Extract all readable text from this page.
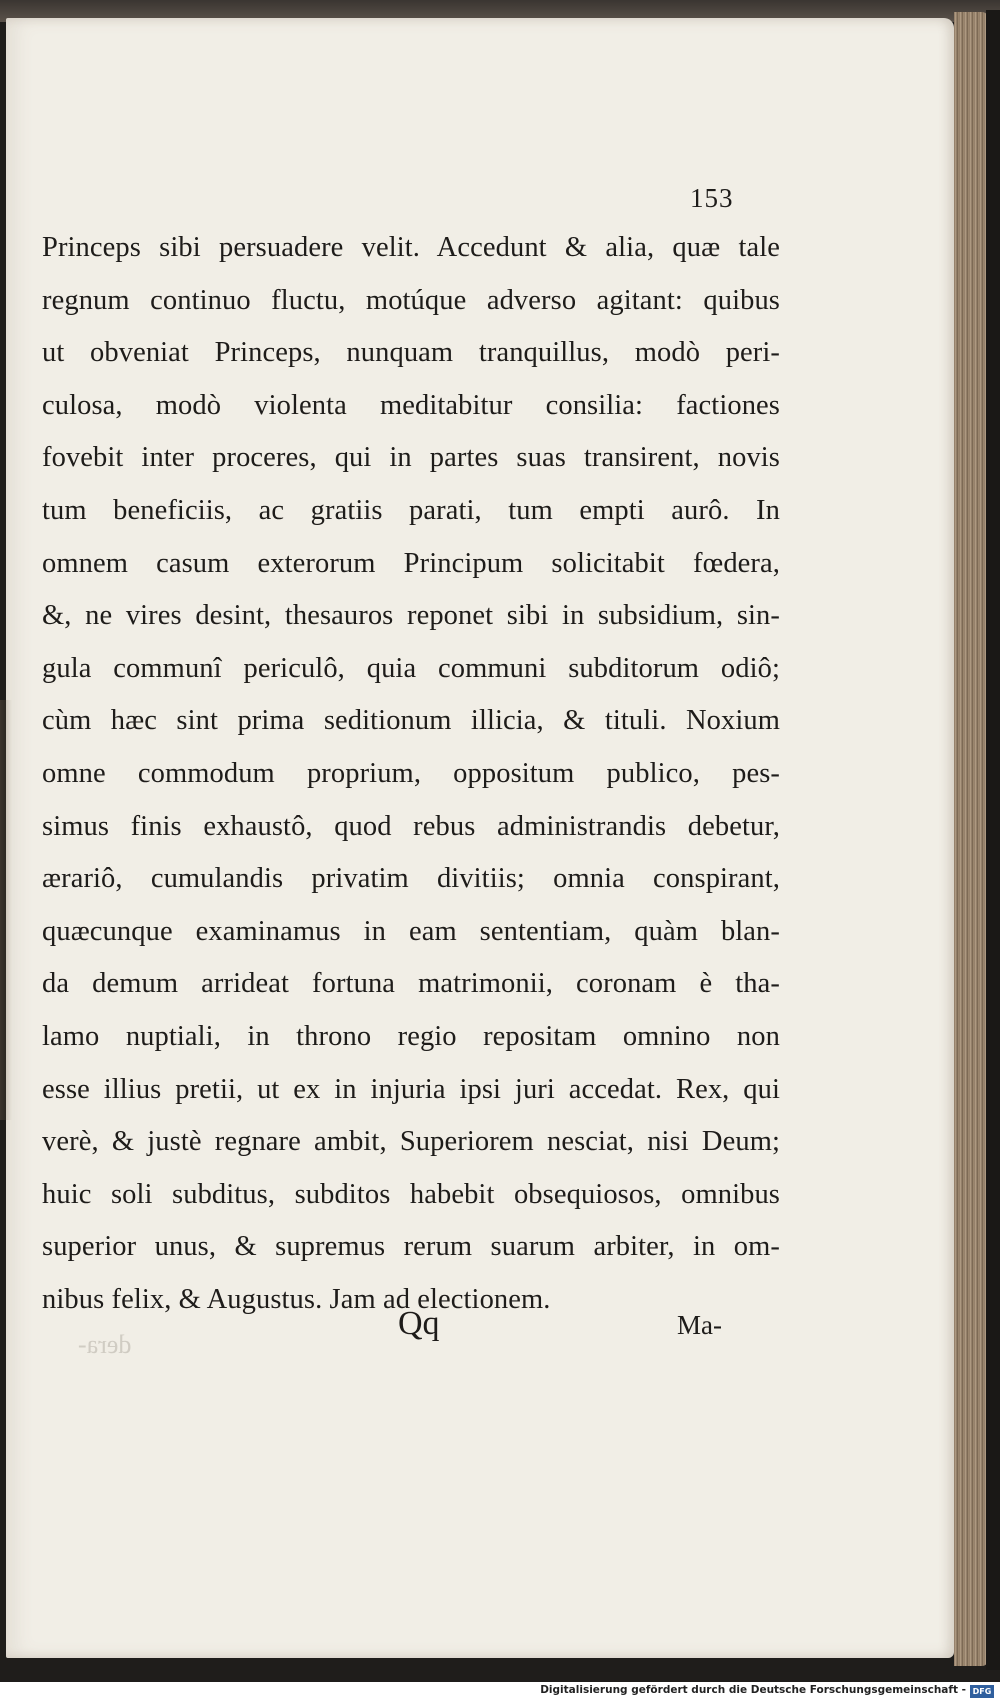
153
Princeps sibi persuadere velit. Accedunt & alia, quæ tale
regnum continuo fluctu, motúque adverso agitant: quibus
ut obveniat Princeps, nunquam tranquillus, modò peri-
culosa, modò violenta meditabitur consilia: factiones
fovebit inter proceres, qui in partes suas transirent, novis
tum beneficiis, ac gratiis parati, tum empti aurô. In
omnem casum exterorum Principum solicitabit fœdera,
&, ne vires desint, thesauros reponet sibi in subsidium, sin-
gula communî periculô, quia communi subditorum odiô;
cùm hæc sint prima seditionum illicia, & tituli. Noxium
omne commodum proprium, oppositum publico, pes-
simus finis exhaustô, quod rebus administrandis debetur,
ærariô, cumulandis privatim divitiis; omnia conspirant,
quæcunque examinamus in eam sententiam, quàm blan-
da demum arrideat fortuna matrimonii, coronam è tha-
lamo nuptiali, in throno regio repositam omnino non
esse illius pretii, ut ex in injuria ipsi juri accedat. Rex, qui
verè, & justè regnare ambit, Superiorem nesciat, nisi Deum;
huic soli subditus, subditos habebit obsequiosos, omnibus
superior unus, & supremus rerum suarum arbiter, in om-
nibus felix, & Augustus. Jam ad electionem.
Qq	Ma-
dera-
Digitalisierung gefördert durch die Deutsche Forschungsgemeinschaft - DFG
